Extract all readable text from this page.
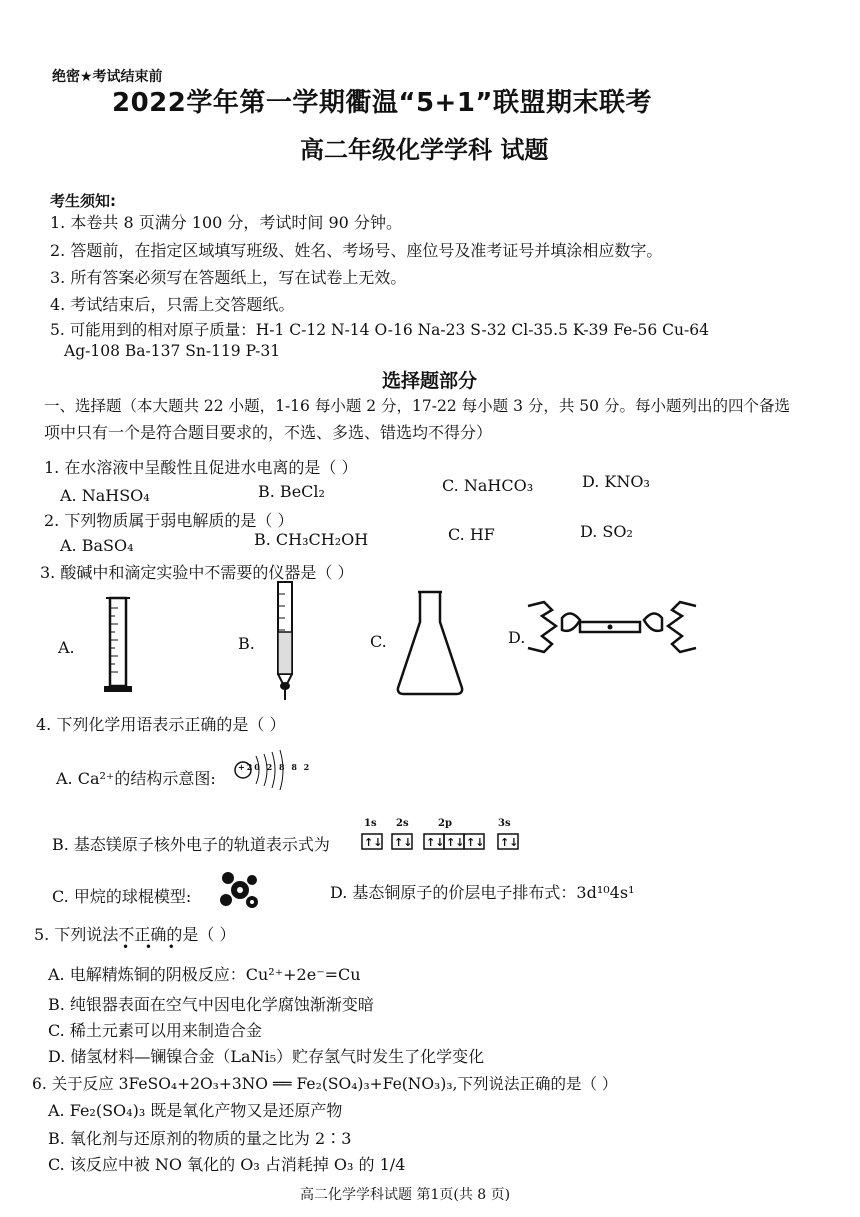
绝密★考试结束前
2022学年第一学期衢温“5+1”联盟期末联考
高二年级化学学科 试题
考生须知:
1. 本卷共 8 页满分 100 分，考试时间 90 分钟。
2. 答题前，在指定区域填写班级、姓名、考场号、座位号及准考证号并填涂相应数字。
3. 所有答案必须写在答题纸上，写在试卷上无效。
4. 考试结束后，只需上交答题纸。
5. 可能用到的相对原子质量：H-1 C-12 N-14 O-16 Na-23 S-32 Cl-35.5 K-39 Fe-56 Cu-64
Ag-108 Ba-137 Sn-119 P-31
选择题部分
一、选择题（本大题共 22 小题，1-16 每小题 2 分，17-22 每小题 3 分，共 50 分。每小题列出的四个备选
项中只有一个是符合题目要求的，不选、多选、错选均不得分）
1. 在水溶液中呈酸性且促进水电离的是（ ）
A. NaHSO₄	B. BeCl₂	C. NaHCO₃	D. KNO₃
2. 下列物质属于弱电解质的是（ ）
A. BaSO₄	B. CH₃CH₂OH	C. HF	D. SO₂
3. 酸碱中和滴定实验中不需要的仪器是（ ）
A.	B.	C.	D.
4. 下列化学用语表示正确的是（ ）
A. Ca²⁺的结构示意图:
+20 2 8 8 2
B. 基态镁原子核外电子的轨道表示式为
1s 2s	2p	3s
↑↓ ↑↓ ↑↓ ↑↓ ↑↓ ↑↓
C. 甲烷的球棍模型:	D. 基态铜原子的价层电子排布式：3d¹⁰4s¹
5. 下列说法不正确的是（ ）
• • •
A. 电解精炼铜的阴极反应：Cu²⁺+2e⁻=Cu
B. 纯银器表面在空气中因电化学腐蚀渐渐变暗
C. 稀土元素可以用来制造合金
D. 储氢材料—镧镍合金（LaNi₅）贮存氢气时发生了化学变化
6. 关于反应 3FeSO₄+2O₃+3NO ══ Fe₂(SO₄)₃+Fe(NO₃)₃,下列说法正确的是（ ）
A. Fe₂(SO₄)₃ 既是氧化产物又是还原产物
B. 氧化剂与还原剂的物质的量之比为 2∶3
C. 该反应中被 NO 氧化的 O₃ 占消耗掉 O₃ 的 1/4
高二化学学科试题 第1页(共 8 页)
